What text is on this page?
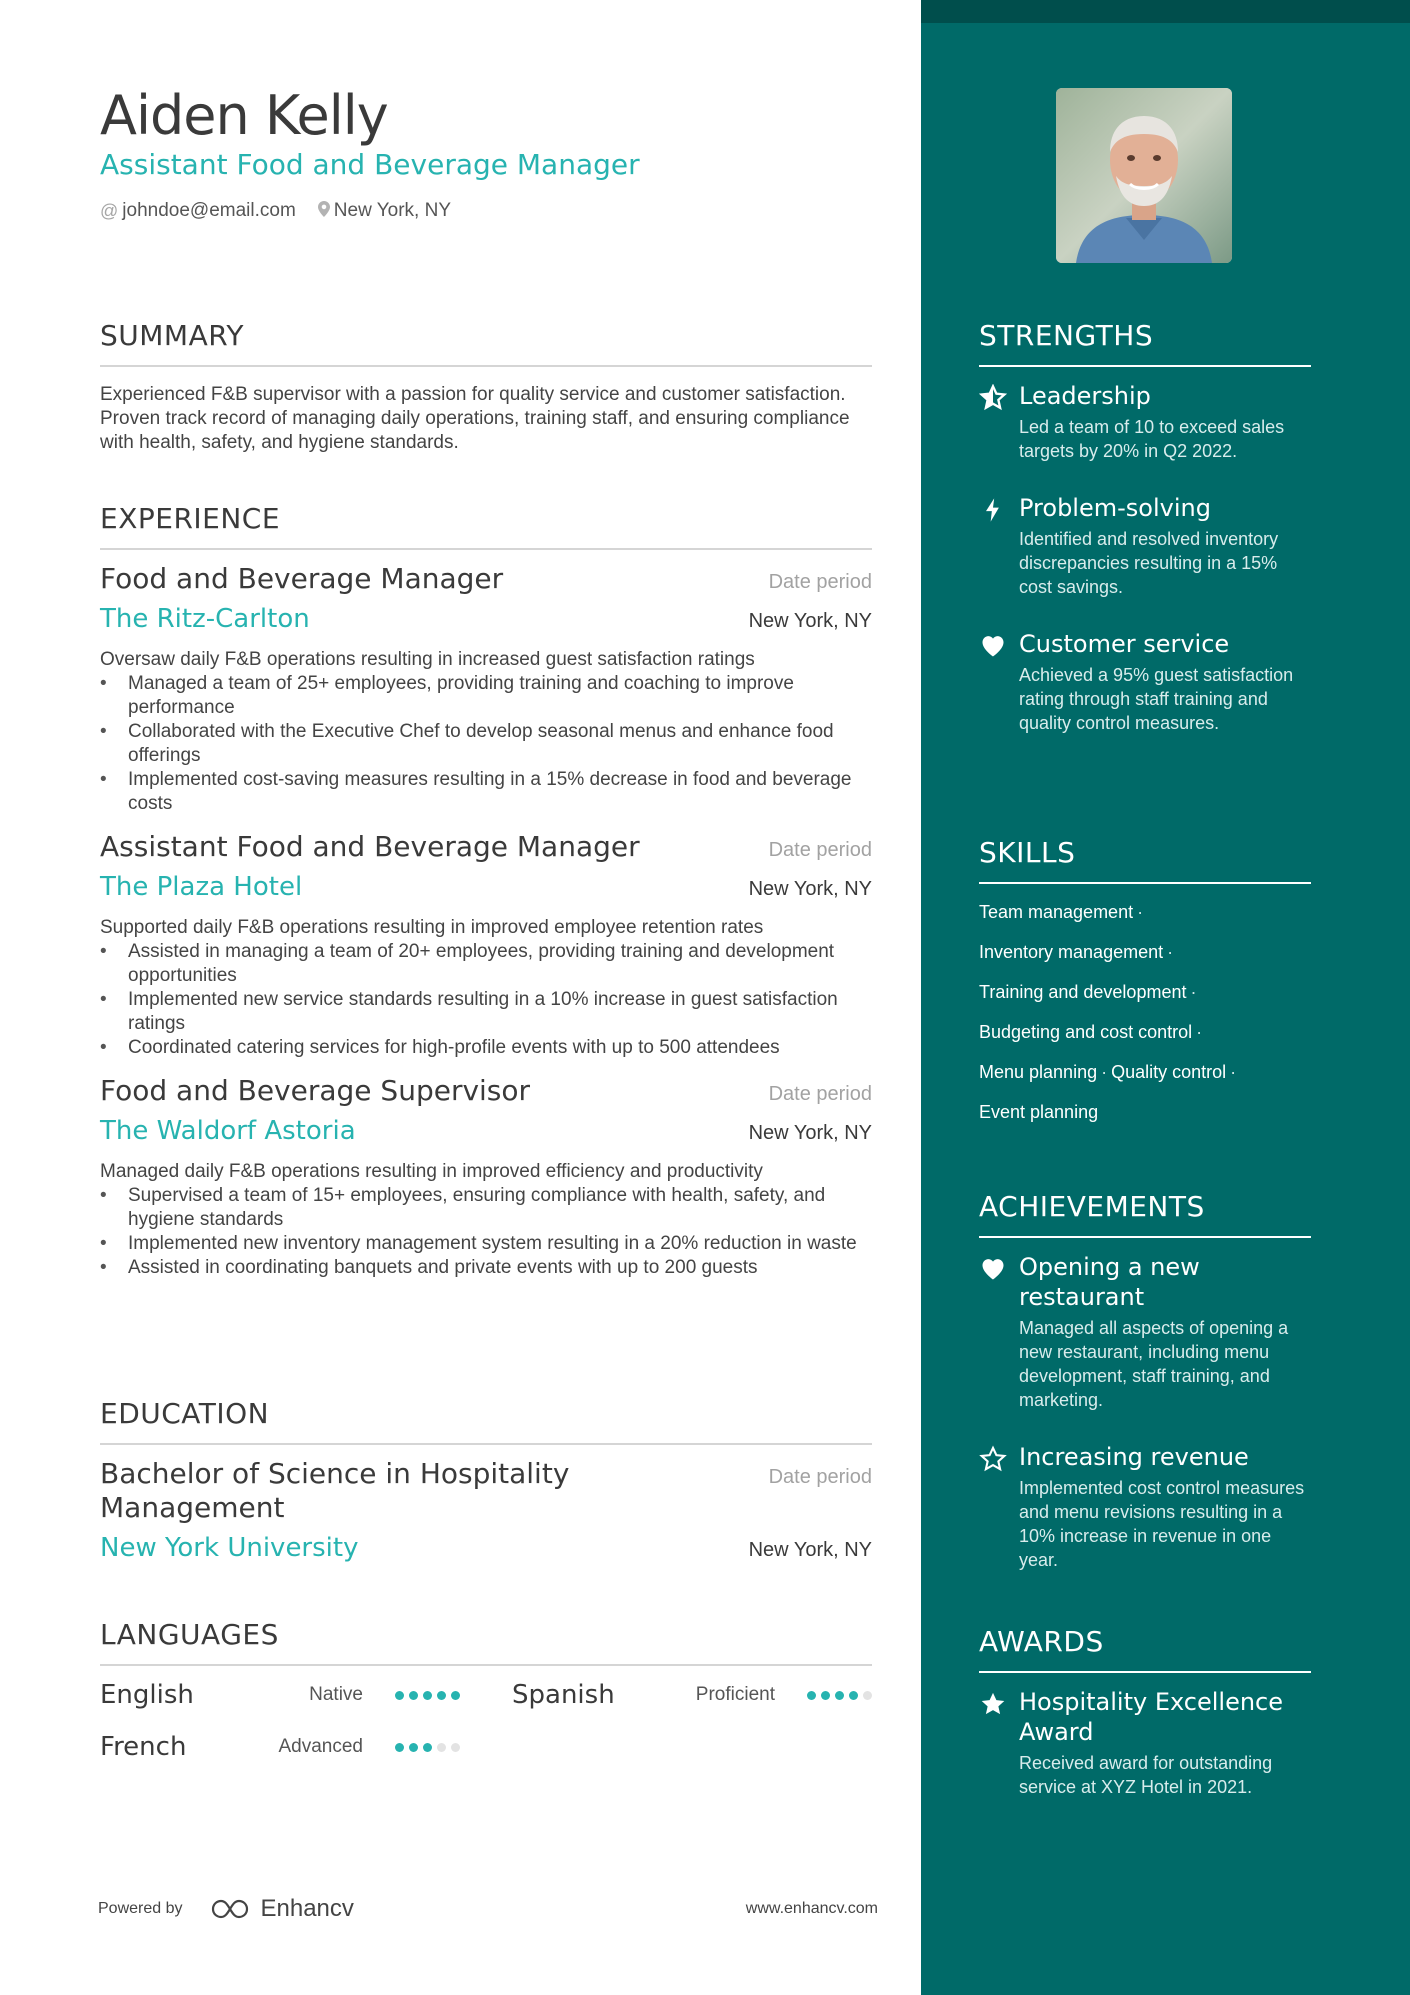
Aiden Kelly
Assistant Food and Beverage Manager
@ johndoe@email.com New York, NY
SUMMARY
Experienced F&B supervisor with a passion for quality service and customer satisfaction. Proven track record of managing daily operations, training staff, and ensuring compliance with health, safety, and hygiene standards.
EXPERIENCE
Food and Beverage Manager	Date period
The Ritz-Carlton	New York, NY
Oversaw daily F&B operations resulting in increased guest satisfaction ratings
• Managed a team of 25+ employees, providing training and coaching to improve performance
• Collaborated with the Executive Chef to develop seasonal menus and enhance food offerings
• Implemented cost-saving measures resulting in a 15% decrease in food and beverage costs
Assistant Food and Beverage Manager	Date period
The Plaza Hotel	New York, NY
Supported daily F&B operations resulting in improved employee retention rates
• Assisted in managing a team of 20+ employees, providing training and development opportunities
• Implemented new service standards resulting in a 10% increase in guest satisfaction ratings
• Coordinated catering services for high-profile events with up to 500 attendees
Food and Beverage Supervisor	Date period
The Waldorf Astoria	New York, NY
Managed daily F&B operations resulting in improved efficiency and productivity
• Supervised a team of 15+ employees, ensuring compliance with health, safety, and hygiene standards
• Implemented new inventory management system resulting in a 20% reduction in waste
• Assisted in coordinating banquets and private events with up to 200 guests
EDUCATION
Bachelor of Science in Hospitality Management
Date period
New York University	New York, NY
LANGUAGES
English	Native	Spanish	Proficient
French	Advanced
Powered by	Enhancv	www.enhancv.com
STRENGTHS
Leadership
Led a team of 10 to exceed sales targets by 20% in Q2 2022.
Problem-solving
Identified and resolved inventory discrepancies resulting in a 15% cost savings.
Customer service
Achieved a 95% guest satisfaction rating through staff training and quality control measures.
SKILLS
Team management ·
Inventory management ·
Training and development ·
Budgeting and cost control ·
Menu planning · Quality control ·
Event planning
ACHIEVEMENTS
Opening a new restaurant
Managed all aspects of opening a new restaurant, including menu development, staff training, and marketing.
Increasing revenue
Implemented cost control measures and menu revisions resulting in a 10% increase in revenue in one year.
AWARDS
Hospitality Excellence Award
Received award for outstanding service at XYZ Hotel in 2021.
